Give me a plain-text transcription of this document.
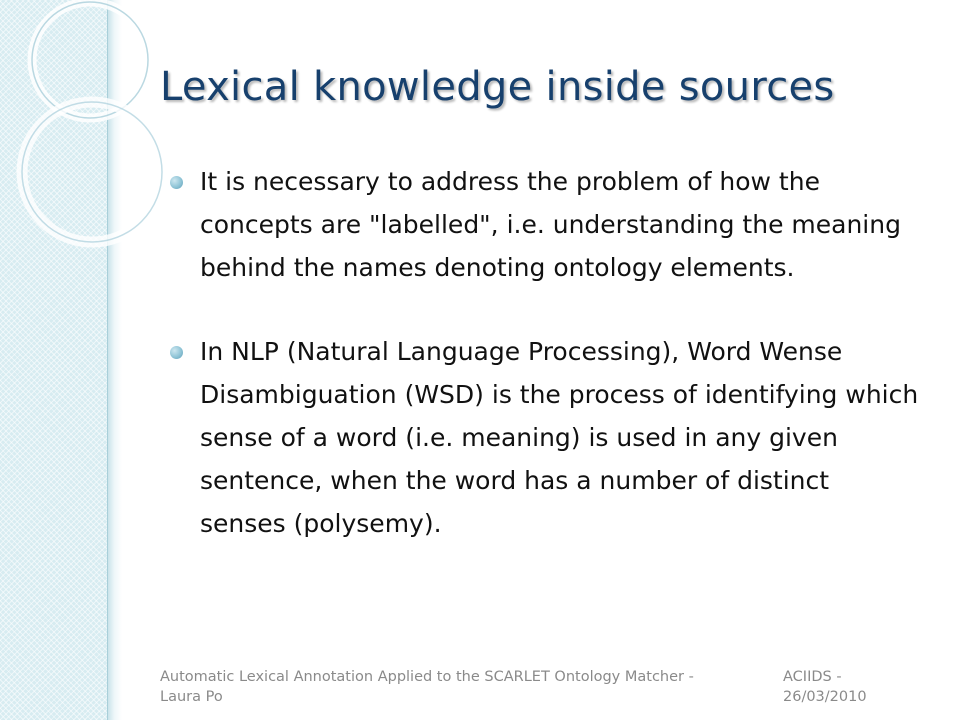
Lexical knowledge inside sources
It is necessary to address the problem of how the concepts are "labelled", i.e. understanding the meaning behind the names denoting ontology elements.
In NLP (Natural Language Processing), Word Wense Disambiguation (WSD) is the process of identifying which sense of a word (i.e. meaning) is used in any given sentence, when the word has a number of distinct senses (polysemy).
Automatic Lexical Annotation Applied to the SCARLET Ontology Matcher -
Laura Po
ACIIDS -
26/03/2010
